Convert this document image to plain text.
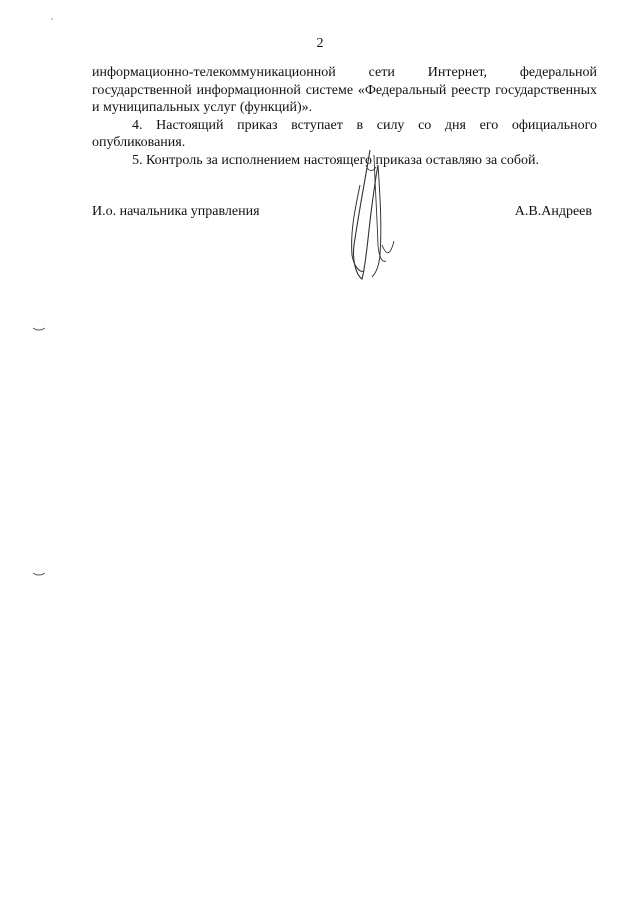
2

информационно-телекоммуникационной сети Интернет, федеральной государственной информационной системе «Федеральный реестр государственных и муниципальных услуг (функций)».

4. Настоящий приказ вступает в силу со дня его официального опубликования.

5. Контроль за исполнением настоящего приказа оставляю за собой.

И.о. начальника управления	А.В.Андреев
